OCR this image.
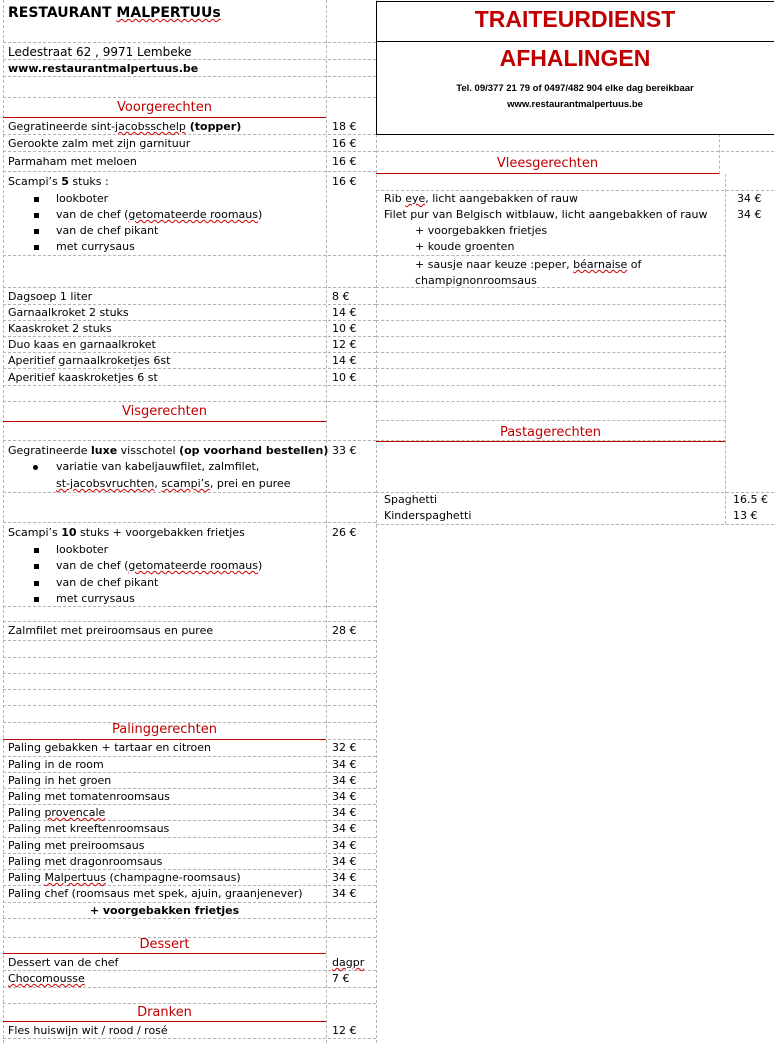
RESTAURANT MALPERTUUs
Ledestraat 62 , 9971 Lembeke
www.restaurantmalpertuus.be
TRAITEURDIENST
AFHALINGEN
Tel. 09/377 21 79 of 0497/482 904 elke dag bereikbaar
www.restaurantmalpertuus.be
Voorgerechten
Gegratineerde sint-jacobsschelp (topper)	18 €
Gerookte zalm met zijn garnituur	16 €
Parmaham met meloen	16 €
Scampi’s 5 stuks :	16 €
lookboter
van de chef (getomateerde roomaus)
van de chef pikant
met currysaus
Dagsoep 1 liter	8 €
Garnaalkroket 2 stuks	14 €
Kaaskroket 2 stuks	10 €
Duo kaas en garnaalkroket	12 €
Aperitief garnaalkroketjes 6st	14 €
Aperitief kaaskroketjes 6 st	10 €
Visgerechten
Gegratineerde luxe visschotel (op voorhand bestellen) 33 €
variatie van kabeljauwfilet, zalmfilet,
st-jacobsvruchten, scampi’s, prei en puree
Scampi’s 10 stuks + voorgebakken frietjes	26 €
lookboter
van de chef (getomateerde roomaus)
van de chef pikant
met currysaus
Zalmfilet met preiroomsaus en puree	28 €
Palinggerechten
Paling gebakken + tartaar en citroen	32 €
Paling in de room	34 €
Paling in het groen	34 €
Paling met tomatenroomsaus	34 €
Paling provencale	34 €
Paling met kreeftenroomsaus	34 €
Paling met preiroomsaus	34 €
Paling met dragonroomsaus	34 €
Paling Malpertuus (champagne-roomsaus)	34 €
Paling chef (roomsaus met spek, ajuin, graanjenever)	34 €
+ voorgebakken frietjes
Dessert
Dessert van de chef	dagpr
Chocomousse	7 €
Dranken
Fles huiswijn wit / rood / rosé	12 €
Vleesgerechten
Rib eye, licht aangebakken of rauw	34 €
Filet pur van Belgisch witblauw, licht aangebakken of rauw	34 €
+ voorgebakken frietjes
+ koude groenten
+ sausje naar keuze :peper, béarnaise of
champignonroomsaus
Pastagerechten
Spaghetti	16.5 €
Kinderspaghetti	13 €
